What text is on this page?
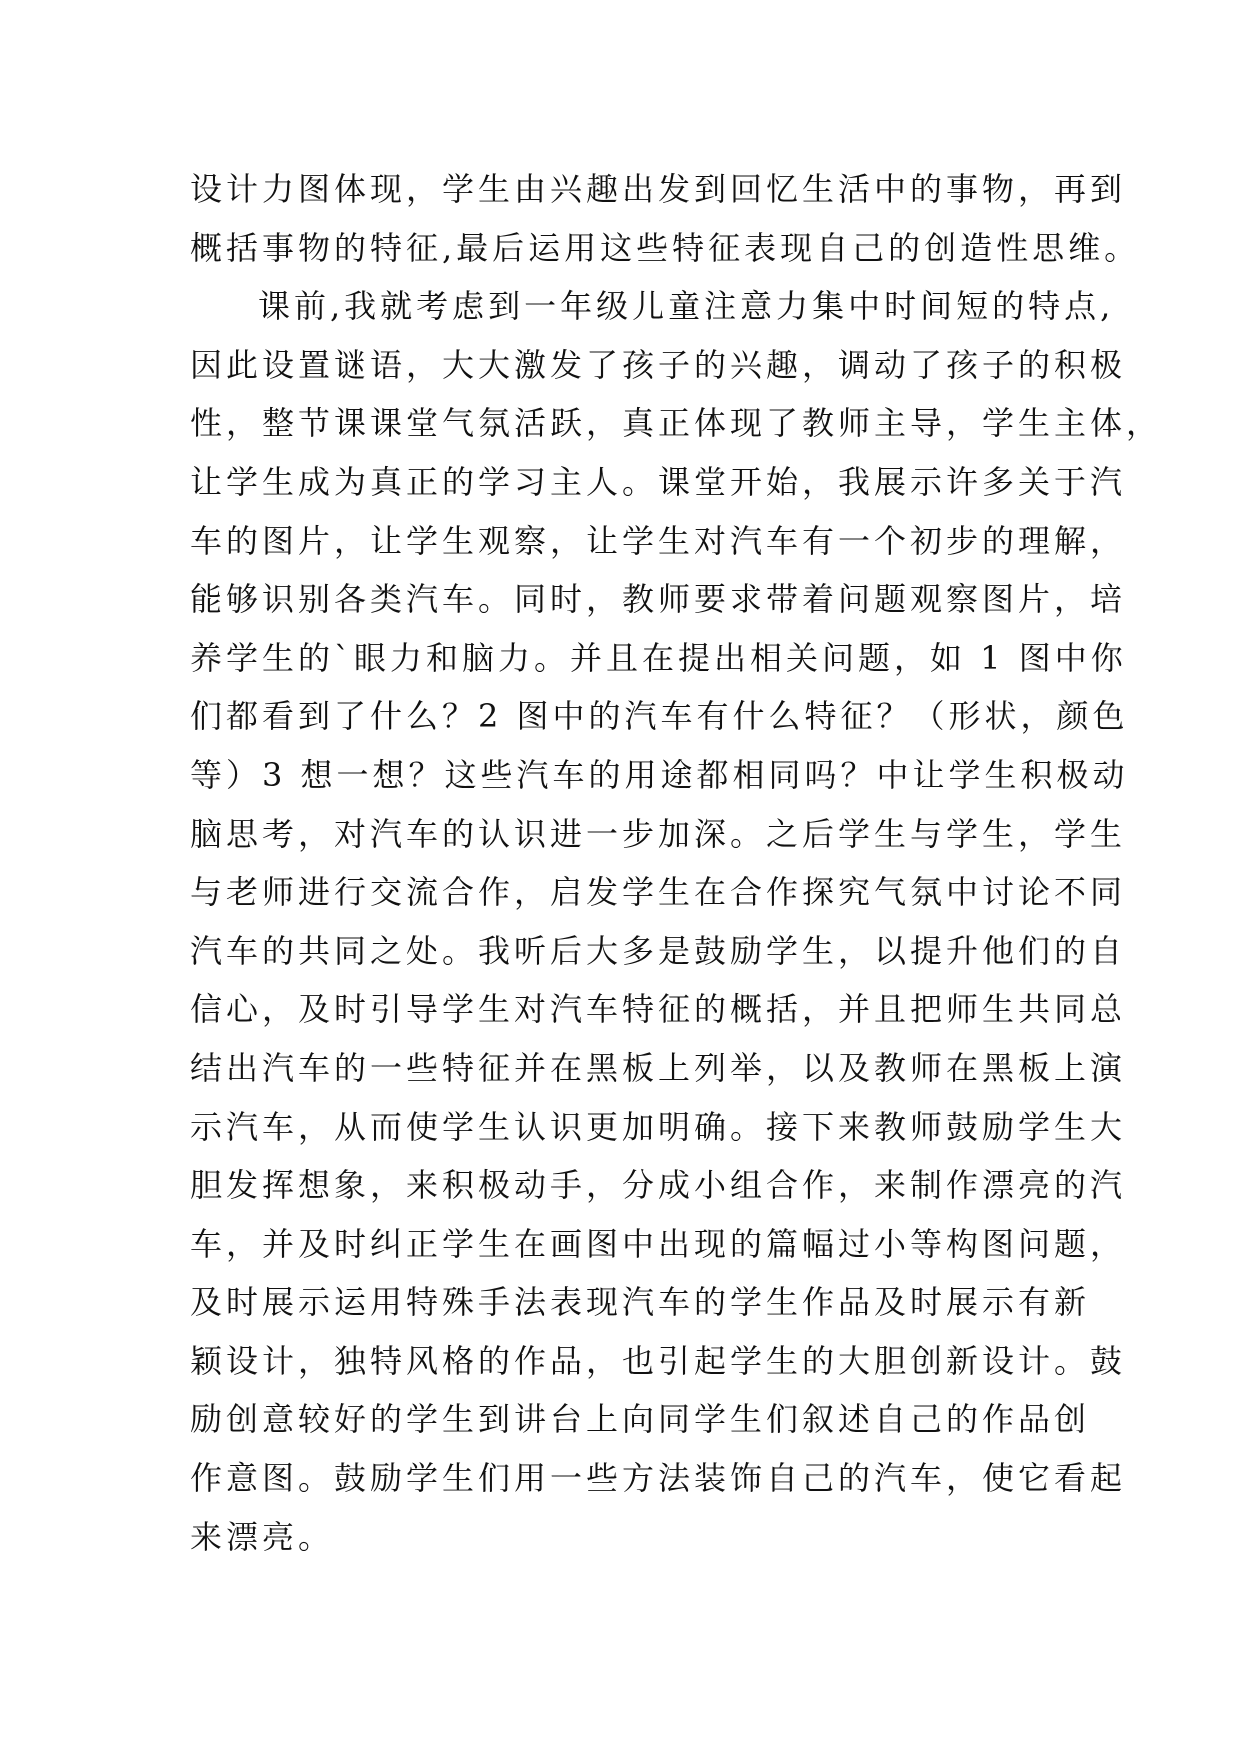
设计力图体现，学生由兴趣出发到回忆生活中的事物，再到
概括事物的特征,最后运用这些特征表现自己的创造性思维。
课前,我就考虑到一年级儿童注意力集中时间短的特点,
因此设置谜语，大大激发了孩子的兴趣，调动了孩子的积极
性，整节课课堂气氛活跃，真正体现了教师主导，学生主体，
让学生成为真正的学习主人。课堂开始，我展示许多关于汽
车的图片，让学生观察，让学生对汽车有一个初步的理解，
能够识别各类汽车。同时，教师要求带着问题观察图片，培
养学生的`眼力和脑力。并且在提出相关问题，如 1 图中你
们都看到了什么？2 图中的汽车有什么特征？（形状，颜色
等）3 想一想？这些汽车的用途都相同吗？中让学生积极动
脑思考，对汽车的认识进一步加深。之后学生与学生，学生
与老师进行交流合作，启发学生在合作探究气氛中讨论不同
汽车的共同之处。我听后大多是鼓励学生，以提升他们的自
信心，及时引导学生对汽车特征的概括，并且把师生共同总
结出汽车的一些特征并在黑板上列举，以及教师在黑板上演
示汽车，从而使学生认识更加明确。接下来教师鼓励学生大
胆发挥想象，来积极动手，分成小组合作，来制作漂亮的汽
车，并及时纠正学生在画图中出现的篇幅过小等构图问题，
及时展示运用特殊手法表现汽车的学生作品及时展示有新
颖设计，独特风格的作品，也引起学生的大胆创新设计。鼓
励创意较好的学生到讲台上向同学生们叙述自己的作品创
作意图。鼓励学生们用一些方法装饰自己的汽车，使它看起
来漂亮。
